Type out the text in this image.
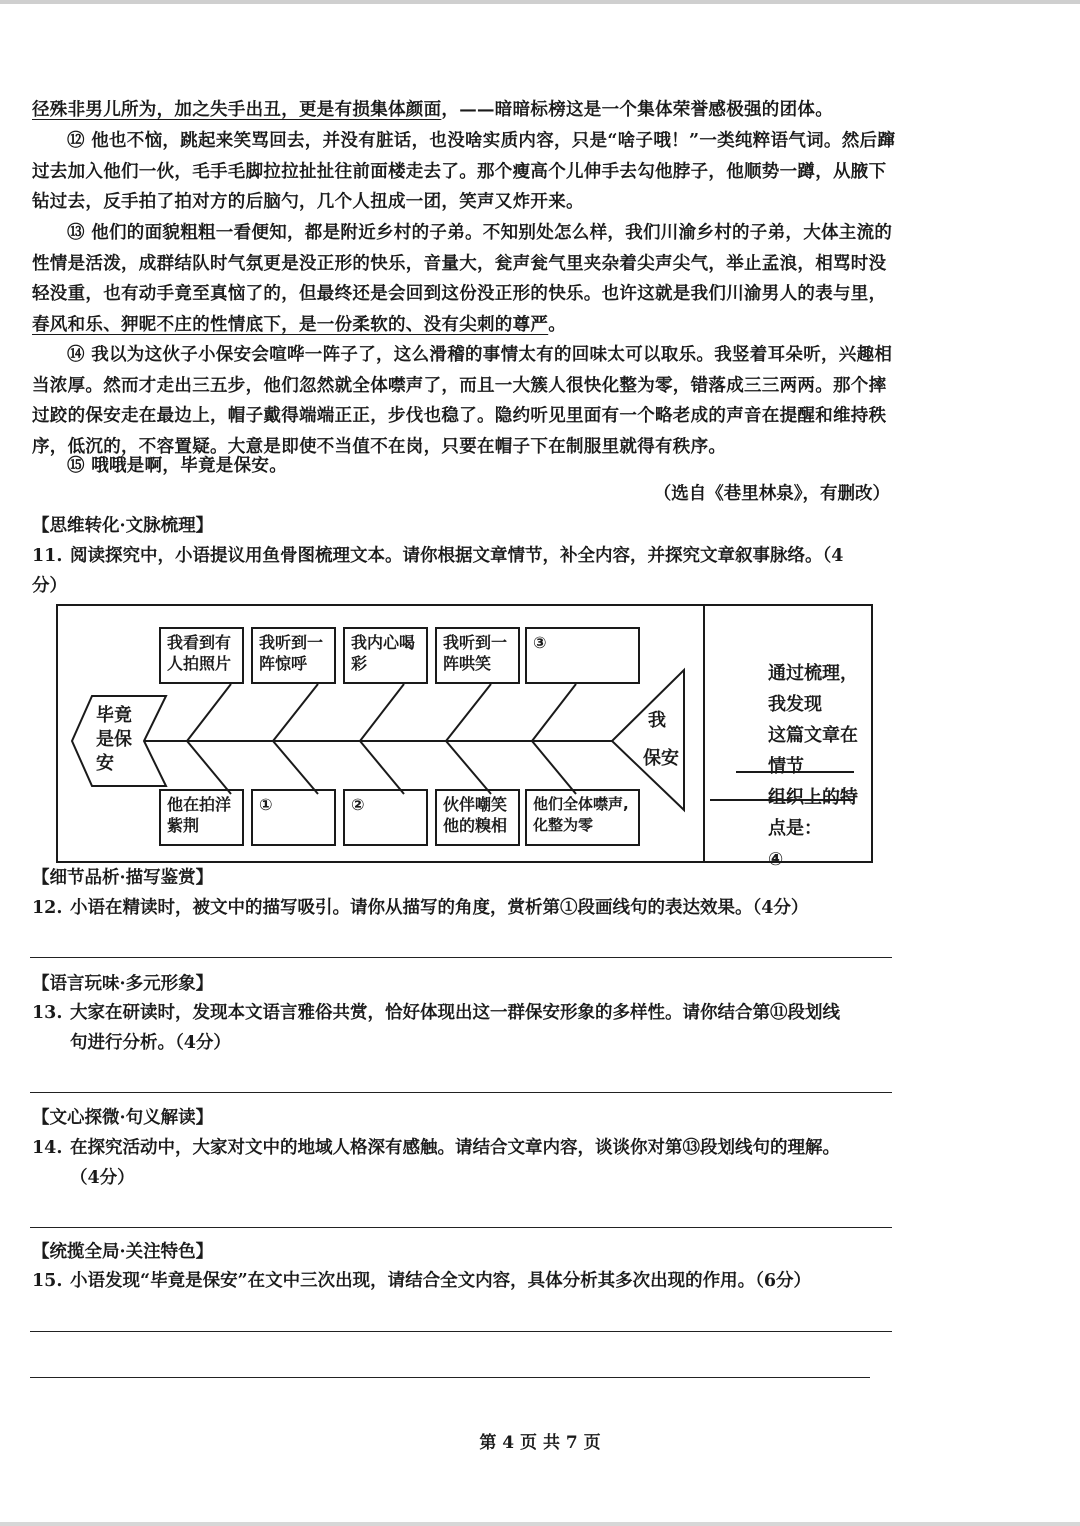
径殊非男儿所为，加之失手出丑，更是有损集体颜面，——暗暗标榜这是一个集体荣誉感极强的团体。

⑫ 他也不恼，跳起来笑骂回去，并没有脏话，也没啥实质内容，只是“啥子哦！”一类纯粹语气词。然后蹿过去加入他们一伙，毛手毛脚拉拉扯扯往前面楼走去了。那个瘦高个儿伸手去勾他脖子，他顺势一蹲，从腋下钻过去，反手拍了拍对方的后脑勺，几个人扭成一团，笑声又炸开来。

⑬ 他们的面貌粗粗一看便知，都是附近乡村的子弟。不知别处怎么样，我们川渝乡村的子弟，大体主流的性情是活泼，成群结队时气氛更是没正形的快乐，音量大，瓮声瓮气里夹杂着尖声尖气，举止孟浪，相骂时没轻没重，也有动手竟至真恼了的，但最终还是会回到这份没正形的快乐。也许这就是我们川渝男人的表与里，春风和乐、狎昵不庄的性情底下，是一份柔软的、没有尖刺的尊严。

⑭ 我以为这伙子小保安会喧哗一阵子了，这么滑稽的事情太有的回味太可以取乐。我竖着耳朵听，兴趣相当浓厚。然而才走出三五步，他们忽然就全体噤声了，而且一大簇人很快化整为零，错落成三三两两。那个摔过跤的保安走在最边上，帽子戴得端端正正，步伐也稳了。隐约听见里面有一个略老成的声音在提醒和维持秩序，低沉的，不容置疑。大意是即使不当值不在岗，只要在帽子下在制服里就得有秩序。

⑮ 哦哦是啊，毕竟是保安。

（选自《巷里林泉》，有删改）
【思维转化·文脉梳理】
11. 阅读探究中，小语提议用鱼骨图梳理文本。请你根据文章情节，补全内容，并探究文章叙事脉络。（4
分）
毕竟
是保
安
我
保安
我看到有
人拍照片
我听到一
阵惊呼
我内心喝
彩
我听到一
阵哄笑
③
他在拍洋
紫荆
①	②	伙伴嘲笑
他的糗相
他们全体噤声,
化整为零
通过梳理，我发现
这篇文章在情节
组织上的特点是：
④
【细节品析·描写鉴赏】
12. 小语在精读时，被文中的描写吸引。请你从描写的角度，赏析第①段画线句的表达效果。（4分）
【语言玩味·多元形象】
13. 大家在研读时，发现本文语言雅俗共赏，恰好体现出这一群保安形象的多样性。请你结合第⑪段划线
句进行分析。（4分）
【文心探微·句义解读】
14. 在探究活动中，大家对文中的地域人格深有感触。请结合文章内容，谈谈你对第⑬段划线句的理解。
（4分）
【统揽全局·关注特色】
15. 小语发现“毕竟是保安”在文中三次出现，请结合全文内容，具体分析其多次出现的作用。（6分）
第 4 页 共 7 页
